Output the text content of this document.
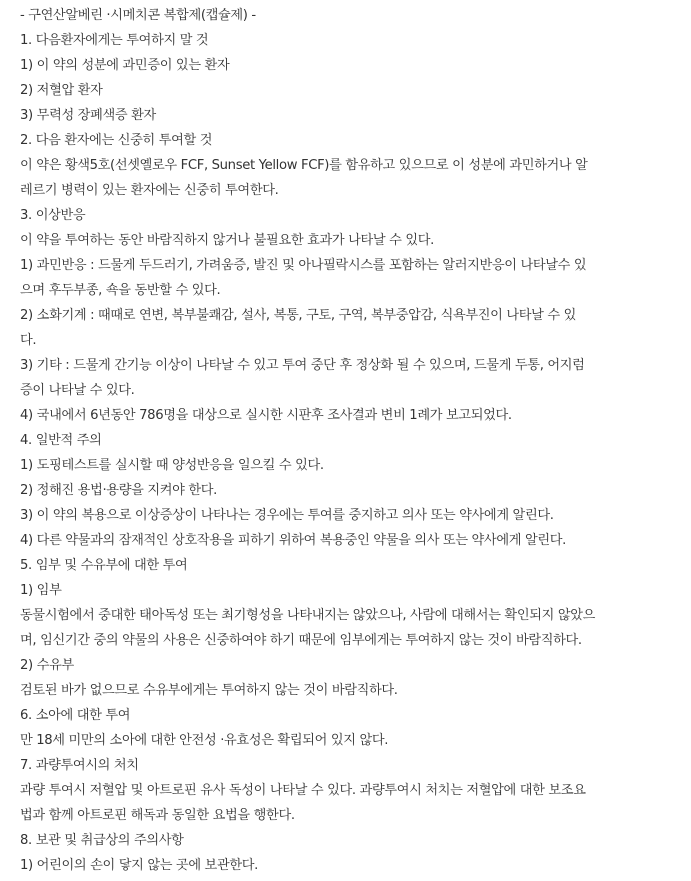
- 구연산알베린 ·시메치콘 복합제(캡슐제) -
1. 다음환자에게는 투여하지 말 것
1) 이 약의 성분에 과민증이 있는 환자
2) 저혈압 환자
3) 무력성 장폐색증 환자
2. 다음 환자에는 신중히 투여할 것
이 약은 황색5호(선셋옐로우 FCF, Sunset Yellow FCF)를 함유하고 있으므로 이 성분에 과민하거나 알
레르기 병력이 있는 환자에는 신중히 투여한다.
3. 이상반응
이 약을 투여하는 동안 바람직하지 않거나 불필요한 효과가 나타날 수 있다.
1) 과민반응 : 드물게 두드러기, 가려움증, 발진 및 아나필락시스를 포함하는 알러지반응이 나타날수 있
으며 후두부종, 쇽을 동반할 수 있다.
2) 소화기계 : 때때로 연변, 복부불쾌감, 설사, 복통, 구토, 구역, 복부중압감, 식욕부진이 나타날 수 있
다.
3) 기타 : 드물게 간기능 이상이 나타날 수 있고 투여 중단 후 정상화 될 수 있으며, 드물게 두통, 어지럼
증이 나타날 수 있다.
4) 국내에서 6년동안 786명을 대상으로 실시한 시판후 조사결과 변비 1례가 보고되었다.
4. 일반적 주의
1) 도핑테스트를 실시할 때 양성반응을 일으킬 수 있다.
2) 정해진 용법·용량을 지켜야 한다.
3) 이 약의 복용으로 이상증상이 나타나는 경우에는 투여를 중지하고 의사 또는 약사에게 알린다.
4) 다른 약물과의 잠재적인 상호작용을 피하기 위하여 복용중인 약물을 의사 또는 약사에게 알린다.
5. 임부 및 수유부에 대한 투여
1) 임부
동물시험에서 중대한 태아독성 또는 최기형성을 나타내지는 않았으나, 사람에 대해서는 확인되지 않았으
며, 임신기간 중의 약물의 사용은 신중하여야 하기 때문에 임부에게는 투여하지 않는 것이 바람직하다.
2) 수유부
검토된 바가 없으므로 수유부에게는 투여하지 않는 것이 바람직하다.
6. 소아에 대한 투여
만 18세 미만의 소아에 대한 안전성 ·유효성은 확립되어 있지 않다.
7. 과량투여시의 처치
과량 투여시 저혈압 및 아트로핀 유사 독성이 나타날 수 있다. 과량투여시 처치는 저혈압에 대한 보조요
법과 함께 아트로핀 해독과 동일한 요법을 행한다.
8. 보관 및 취급상의 주의사항
1) 어린이의 손이 닿지 않는 곳에 보관한다.
